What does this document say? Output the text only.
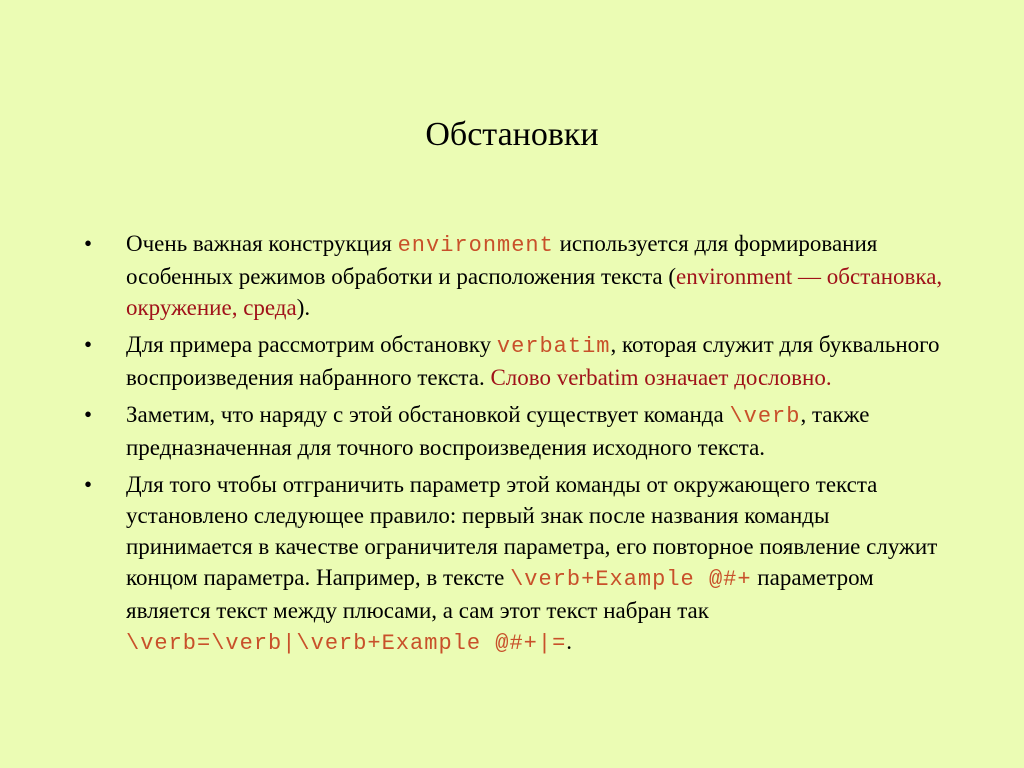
Обстановки
• Очень важная конструкция environment используется для формирования особенных режимов обработки и расположения текста (environment — обстановка, окружение, среда).
• Для примера рассмотрим обстановку verbatim, которая служит для буквального воспроизведения набранного текста. Слово verbatim означает дословно.
• Заметим, что наряду с этой обстановкой существует команда \verb, также предназначенная для точного воспроизведения исходного текста.
• Для того чтобы отграничить параметр этой команды от окружающего текста установлено следующее правило: первый знак после названия команды принимается в качестве ограничителя параметра, его повторное появление служит концом параметра. Например, в тексте \verb+Example @#+ параметром является текст между плюсами, а сам этот текст набран так \verb=\verb|\verb+Example @#+|=.
